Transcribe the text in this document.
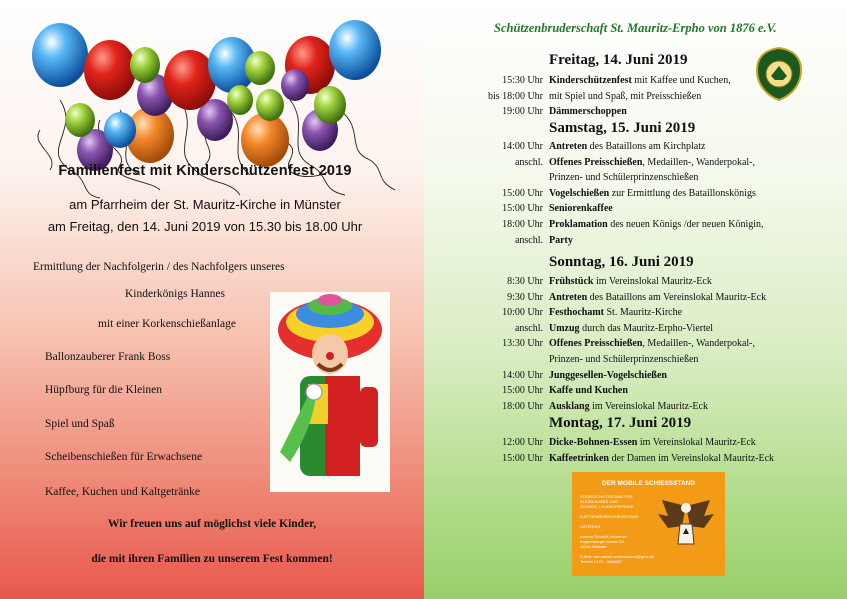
Familienfest mit Kinderschützenfest 2019
am Pfarrheim der St. Mauritz-Kirche in Münster
am Freitag, den 14. Juni 2019 von 15.30 bis 18.00 Uhr
Ermittlung der Nachfolgerin / des Nachfolgers unseres
Kinderkönigs Hannes
mit einer Korkenschießanlage
Ballonzauberer Frank Boss
Hüpfburg für die Kleinen
Spiel und Spaß
Scheibenschießen für Erwachsene
Kaffee, Kuchen und Kaltgetränke
Wir freuen uns auf möglichst viele Kinder,
die mit ihren Familien zu unserem Fest kommen!
Schützenbruderschaft St. Mauritz-Erpho von 1876 e.V.
Freitag, 14. Juni 2019
15:30 Uhr Kinderschützenfest mit Kaffee und Kuchen,
bis 18:00 Uhr mit Spiel und Spaß, mit Preisschießen
19:00 Uhr Dämmerschoppen
Samstag, 15. Juni 2019
14:00 Uhr Antreten des Bataillons am Kirchplatz
anschl. Offenes Preisschießen, Medaillen-, Wanderpokal-,
Prinzen- und Schülerprinzenschießen
15:00 Uhr Vogelschießen zur Ermittlung des Bataillonskönigs
15:00 Uhr Seniorenkaffee
18:00 Uhr Proklamation des neuen Königs /der neuen Königin,
anschl. Party
Sonntag, 16. Juni 2019
8:30 Uhr Frühstück im Vereinslokal Mauritz-Eck
9:30 Uhr Antreten des Bataillons am Vereinslokal Mauritz-Eck
10:00 Uhr Festhochamt St. Mauritz-Kirche
anschl. Umzug durch das Mauritz-Erpho-Viertel
13:30 Uhr Offenes Preisschießen, Medaillen-, Wanderpokal-,
Prinzen- und Schülerprinzenschießen
14:00 Uhr Junggesellen-Vogelschießen
15:00 Uhr Kaffe und Kuchen
18:00 Uhr Ausklang im Vereinslokal Mauritz-Eck
Montag, 17. Juni 2019
12:00 Uhr Dicke-Bohnen-Essen im Vereinslokal Mauritz-Eck
15:00 Uhr Kaffeetrinken der Damen im Vereinslokal Mauritz-Eck
DER MOBILE SCHIESSSTAND
VOGELSCHUTZSTAND FÜR
KLEINKALIBER UND
SCHROT- / KUGELPATRONE
LUFTGEWEHRSCHIESSSTAND
CATERING
Andrea Schmidt-Heiderich
Kappenberger Damm 54
48151 Münster
E-Mail: der-mobile-schiessstand@gmx.de
Telefon 0173 - 2843657
